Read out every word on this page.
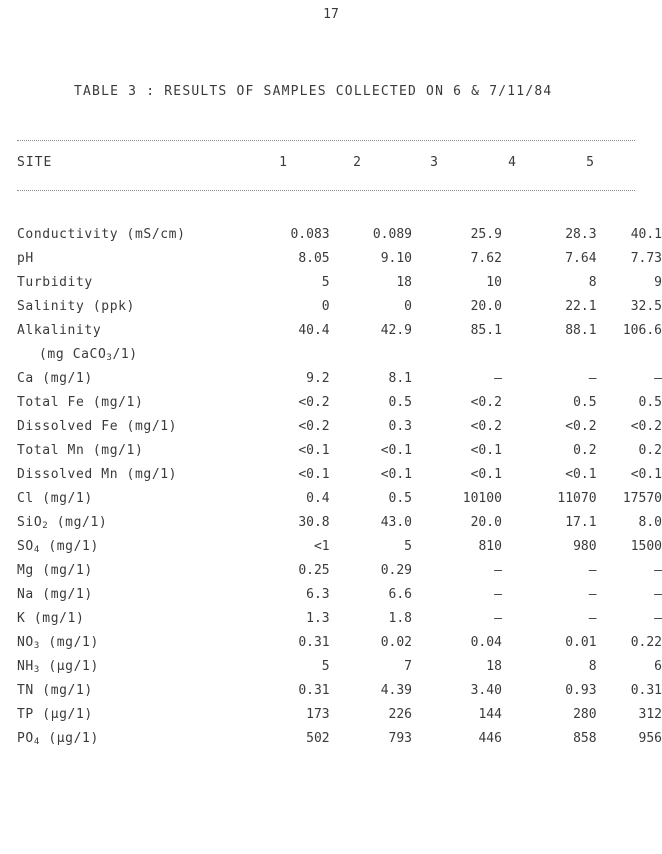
17
TABLE 3 : RESULTS OF SAMPLES COLLECTED ON 6 & 7/11/84
SITE	1	2	3	4	5
Conductivity (mS/cm)	0.083	0.089	25.9	28.3	40.1
pH	8.05	9.10	7.62	7.64	7.73
Turbidity	5	18	10	8	9
Salinity (ppk)	0	0	20.0	22.1	32.5
Alkalinity	40.4	42.9	85.1	88.1	106.6
(mg CaCO$_3$/1)					
Ca (mg/1)	9.2	8.1	–	–	–
Total Fe (mg/1)	<0.2	0.5	<0.2	0.5	0.5
Dissolved Fe (mg/1)	<0.2	0.3	<0.2	<0.2	<0.2
Total Mn (mg/1)	<0.1	<0.1	<0.1	0.2	0.2
Dissolved Mn (mg/1)	<0.1	<0.1	<0.1	<0.1	<0.1
Cl (mg/1)	0.4	0.5	10100	11070	17570
SiO$_2$ (mg/1)	30.8	43.0	20.0	17.1	8.0
$SO_4$ (mg/1)	<1	5	810	980	1500
Mg (mg/1)	0.25	0.29	–	–	–
Na (mg/1)	6.3	6.6	–	–	–
K (mg/1)	1.3	1.8	–	–	–
$NO_3$ (mg/1)	0.31	0.02	0.04	0.01	0.22
$NH_3$ (μg/1)	5	7	18	8	6
TN (mg/1)	0.31	4.39	3.40	0.93	0.31
TP (μg/1)	173	226	144	280	312
$PO_4$ (μg/1)	502	793	446	858	956
